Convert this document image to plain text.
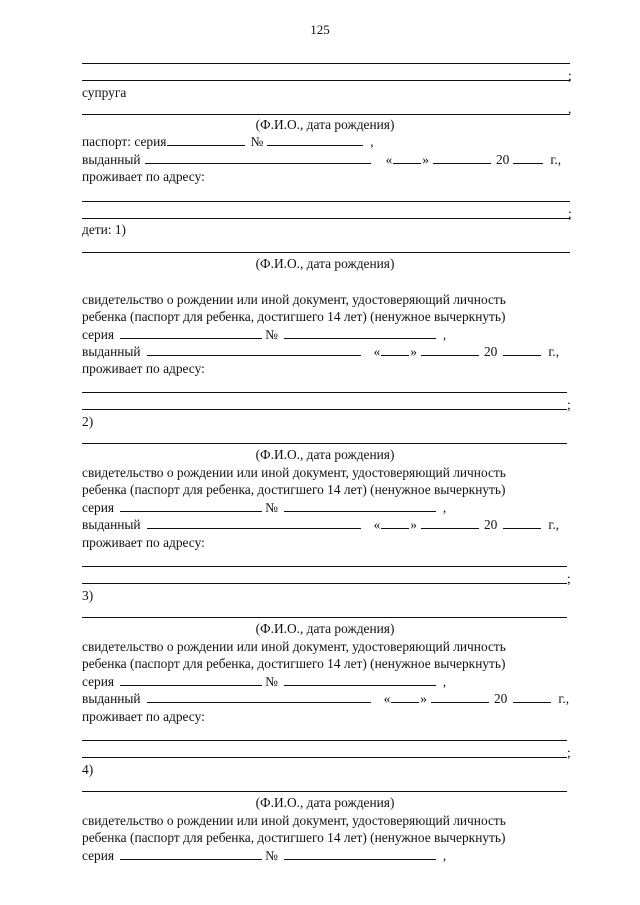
125
;
супруга
,
(Ф.И.О., дата рождения)
паспорт: серия	№	,
выданный	« »	20	г.,
проживает по адресу:
;
дети: 1)
(Ф.И.О., дата рождения)
свидетельство о рождении или иной документ, удостоверяющий личность
ребенка (паспорт для ребенка, достигшего 14 лет) (ненужное вычеркнуть)
серия	№	,
выданный	« »	20	г.,
проживает по адресу:
;
2)
(Ф.И.О., дата рождения)
свидетельство о рождении или иной документ, удостоверяющий личность
ребенка (паспорт для ребенка, достигшего 14 лет) (ненужное вычеркнуть)
серия	№	,
выданный	« »	20	г.,
проживает по адресу:
;
3)
(Ф.И.О., дата рождения)
свидетельство о рождении или иной документ, удостоверяющий личность
ребенка (паспорт для ребенка, достигшего 14 лет) (ненужное вычеркнуть)
серия	№	,
выданный	« »	20	г.,
проживает по адресу:
;
4)
(Ф.И.О., дата рождения)
свидетельство о рождении или иной документ, удостоверяющий личность
ребенка (паспорт для ребенка, достигшего 14 лет) (ненужное вычеркнуть)
серия	№	,
